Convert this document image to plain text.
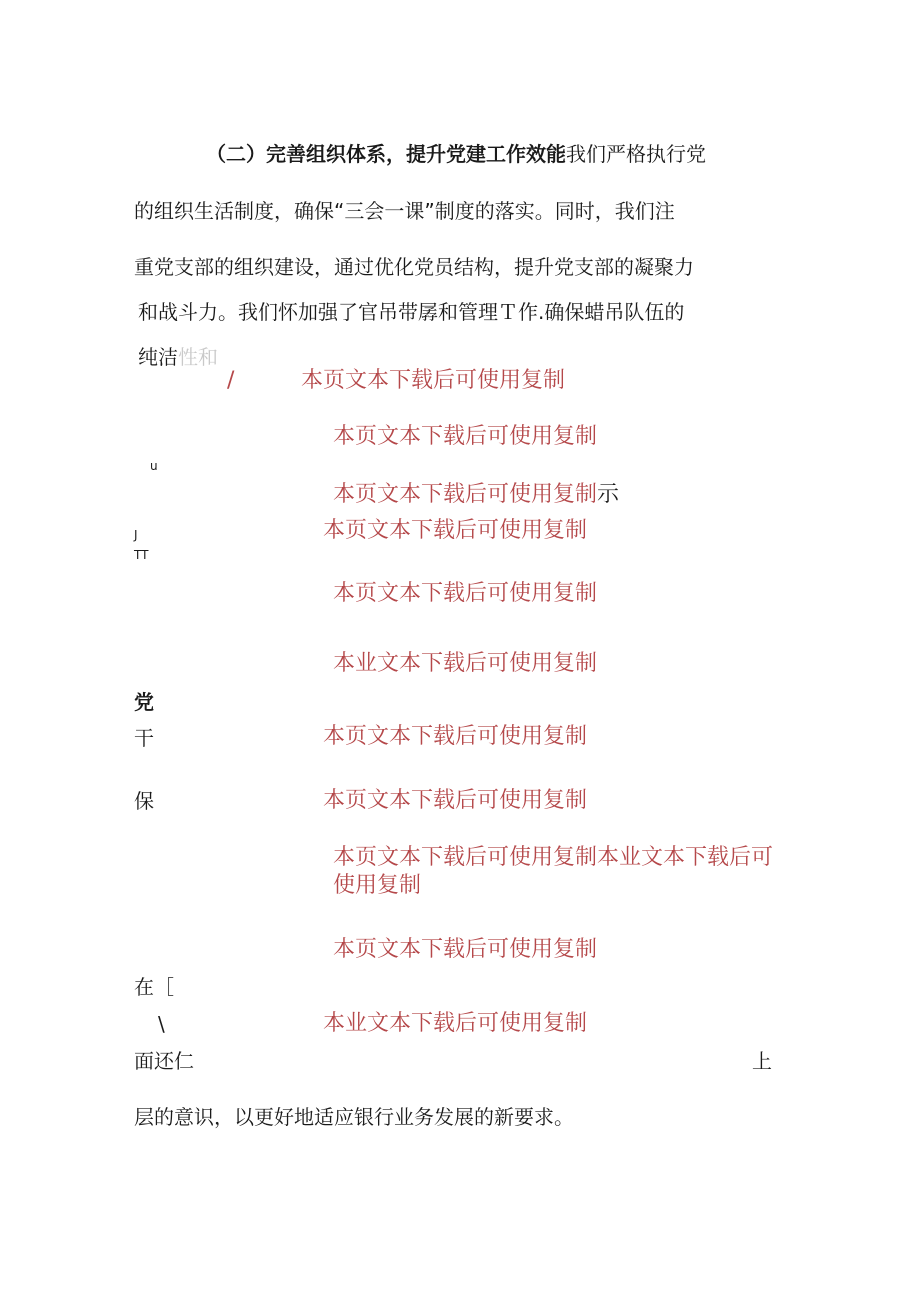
（二）完善组织体系，提升党建工作效能我们严格执行党
的组织生活制度，确保“三会一课”制度的落实。同时，我们注
重党支部的组织建设，通过优化党员结构，提升党支部的凝聚力
和战斗力。我们怀加强了官吊带孱和管理Ｔ作.确保蜡吊队伍的
纯洁性和
/
u
J
TT
党
干
保
在［
\
面还仁	上
本页文本下载后可使用复制
本页文本下载后可使用复制
本页文本下载后可使用复制示
本页文本下载后可使用复制
本页文本下载后可使用复制
本业文本下载后可使用复制
本页文本下载后可使用复制
本页文本下载后可使用复制
本页文本下载后可使用复制本业文本下载后可使用复制
本页文本下载后可使用复制
本业文本下载后可使用复制
层的意识，以更好地适应银行业务发展的新要求。
